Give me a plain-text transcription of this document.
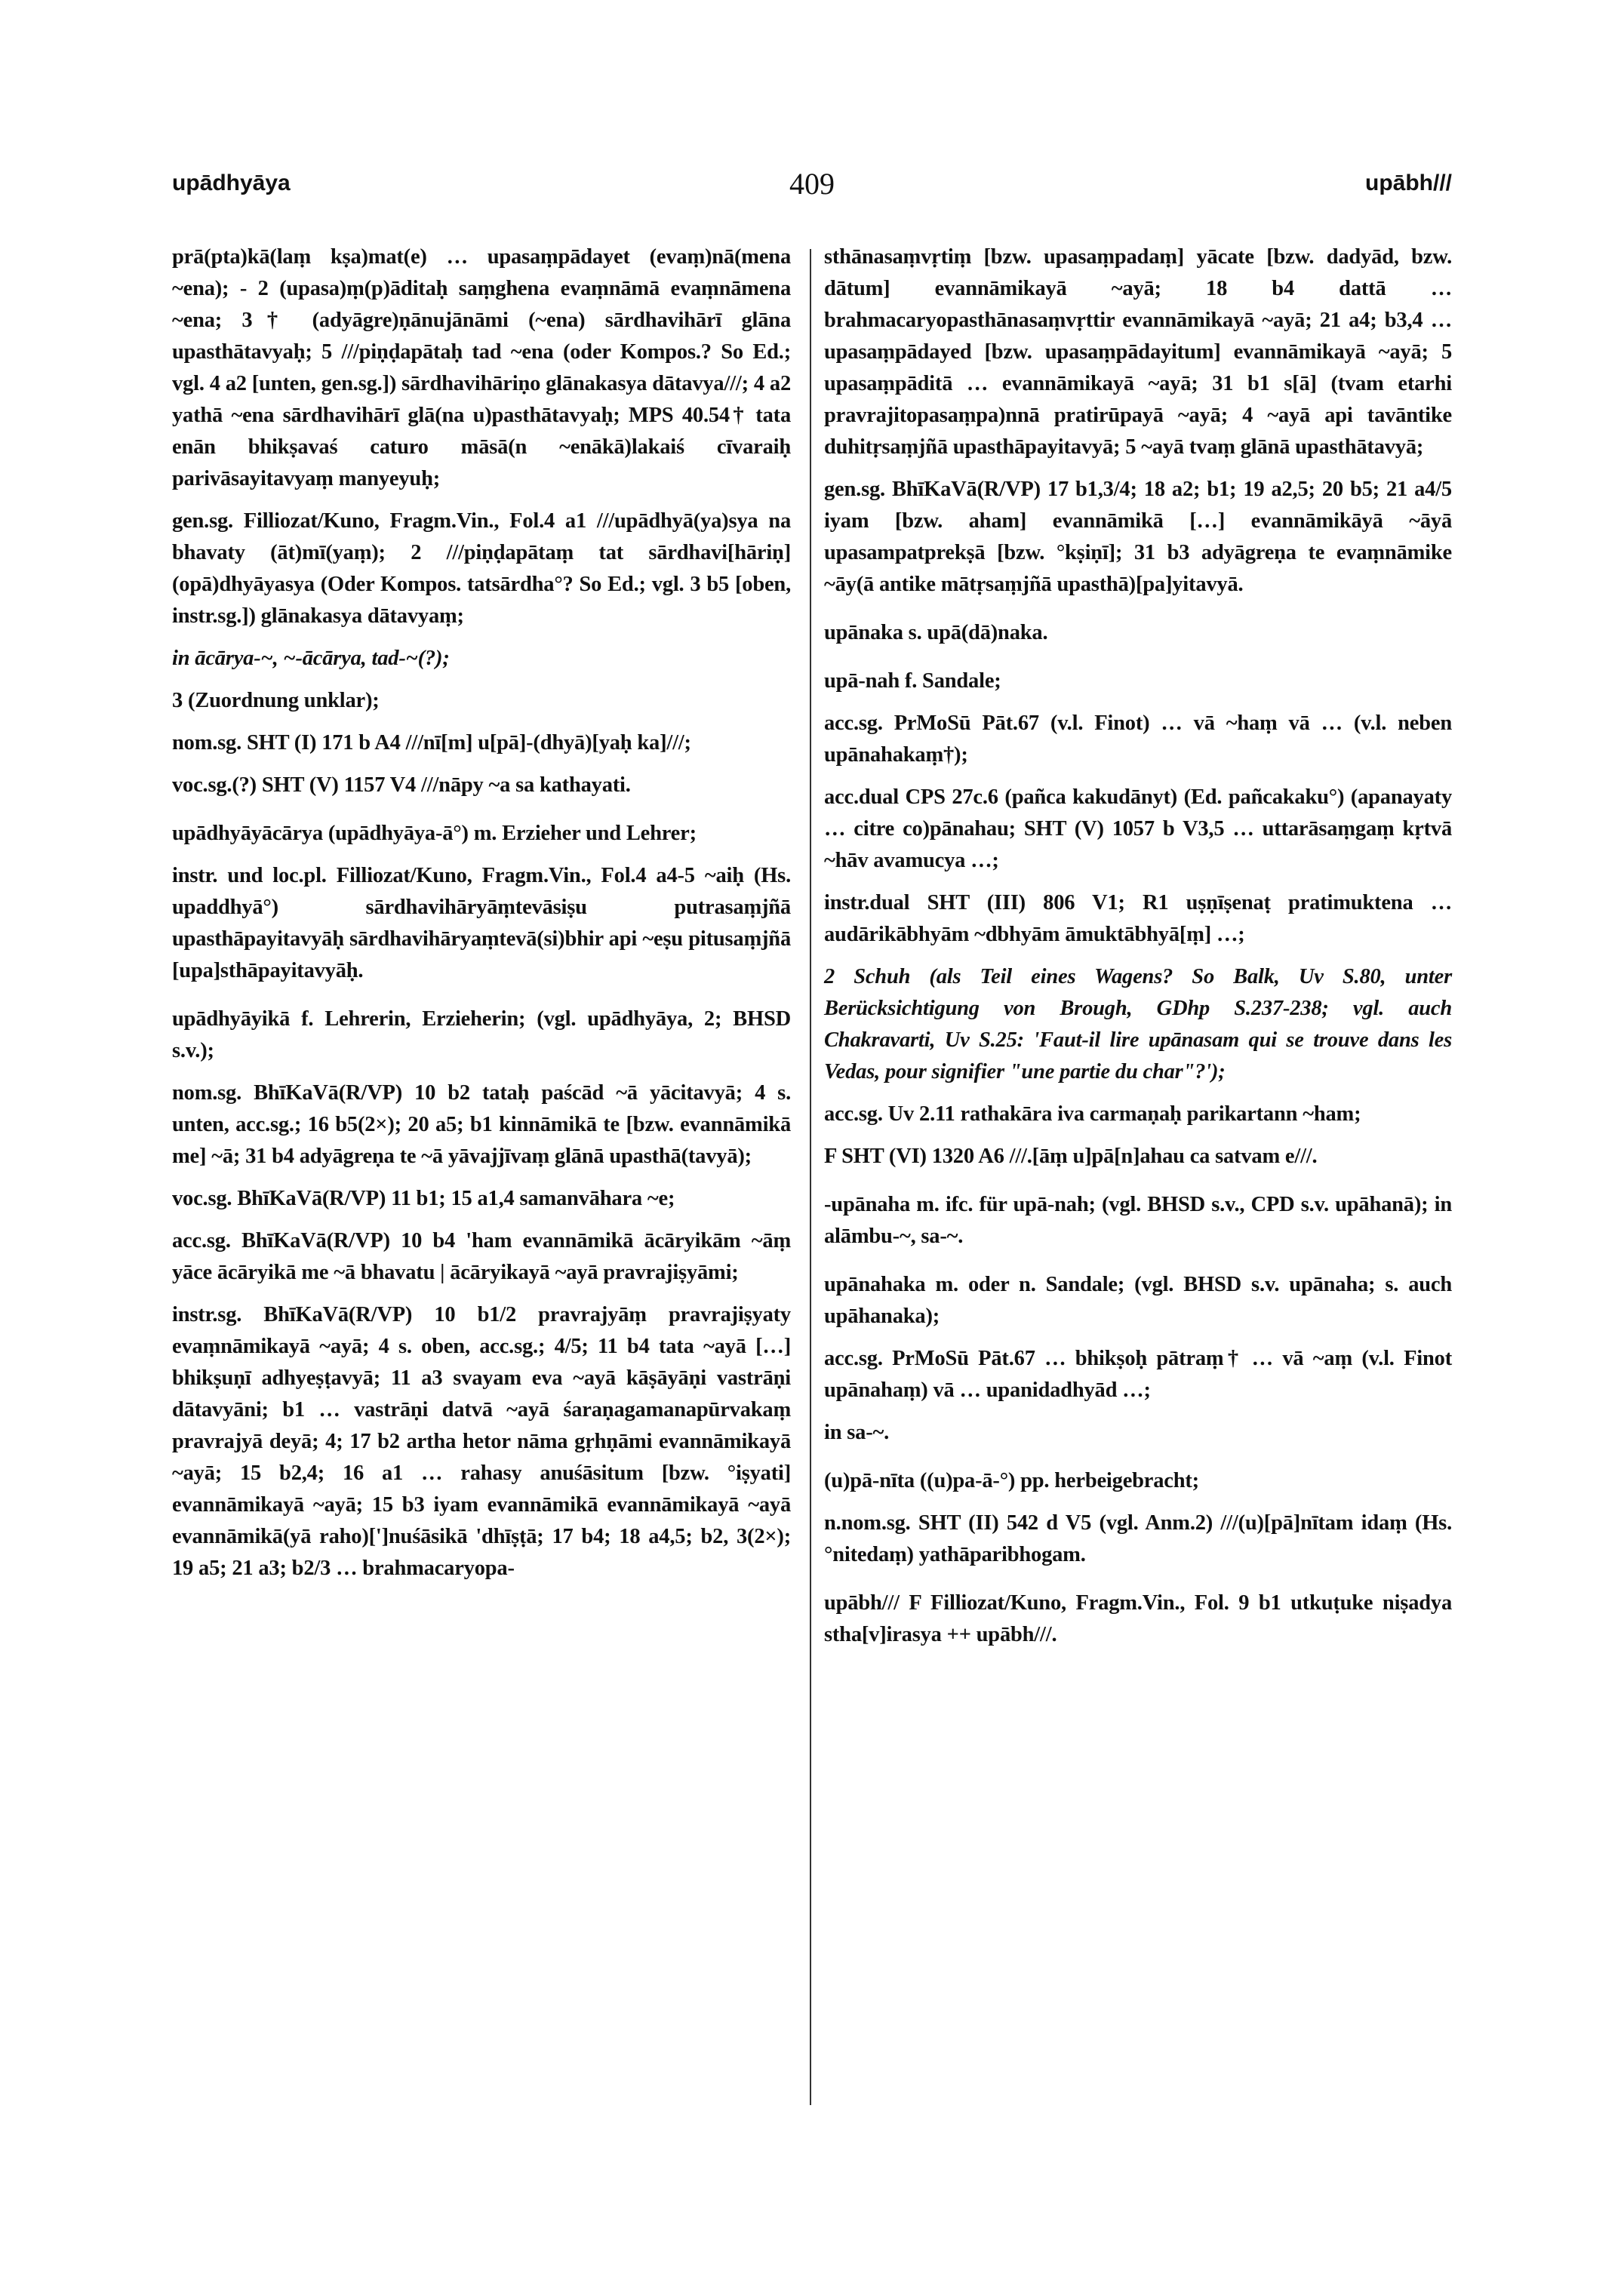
upādhyāya	409	upābh///

prā(pta)kā(laṃ kṣa)mat(e) … upasaṃpādayet (evaṃ)nā(mena ~ena); - 2 (upasa)ṃ(p)āditaḥ saṃghena evaṃnāmā evaṃnāmena ~ena; 3† (adyāgre)ṇānujānāmi (~ena) sārdhavihārī glāna upasthātavyaḥ; 5 ///piṇḍapātaḥ tad ~ena (oder Kompos.? So Ed.; vgl. 4 a2 [unten, gen.sg.]) sārdhavihāriṇo glānakasya dātavya///; 4 a2 yathā ~ena sārdhavihārī glā(na u)pasthātavyaḥ; MPS 40.54† tata enān bhikṣavaś caturo māsā(n ~enākā)lakaiś cīvaraiḥ parivāsayitavyaṃ manyeyuḥ;

gen.sg. Filliozat/Kuno, Fragm.Vin., Fol.4 a1 ///upādhyā(ya)sya na bhavaty (āt)mī(yaṃ); 2 ///piṇḍapātaṃ tat sārdhavi[hāriṇ](opā)dhyāyasya (Oder Kompos. tatsārdha°? So Ed.; vgl. 3 b5 [oben, instr.sg.]) glānakasya dātavyaṃ;

in ācārya-~, ~-ācārya, tad-~(?);

3 (Zuordnung unklar);

nom.sg. SHT (I) 171 b A4 ///nī[m] u[pā]-(dhyā)[yaḥ ka]///;

voc.sg.(?) SHT (V) 1157 V4 ///nāpy ~a sa kathayati.

upādhyāyācārya (upādhyāya-ā°) m. Erzieher und Lehrer;

instr. und loc.pl. Filliozat/Kuno, Fragm.Vin., Fol.4 a4-5 ~aiḥ (Hs. upaddhyā°) sārdhavihāryāṃtevāsiṣu putrasaṃjñā upasthāpayitavyāḥ sārdhavihāryaṃtevā(si)bhir api ~eṣu pitusaṃjñā [upa]sthāpayitavyāḥ.

upādhyāyikā f. Lehrerin, Erzieherin; (vgl. upādhyāya, 2; BHSD s.v.);

nom.sg. BhīKaVā(R/VP) 10 b2 tataḥ paścād ~ā yācitavyā; 4 s. unten, acc.sg.; 16 b5(2×); 20 a5; b1 kinnāmikā te [bzw. evannāmikā me] ~ā; 31 b4 adyāgreṇa te ~ā yāvajjīvaṃ glānā upasthā(tavyā);

voc.sg. BhīKaVā(R/VP) 11 b1; 15 a1,4 samanvāhara ~e;

acc.sg. BhīKaVā(R/VP) 10 b4 'ham evannāmikā ācāryikām ~āṃ yāce ācāryikā me ~ā bhavatu | ācāryikayā ~ayā pravrajiṣyāmi;

instr.sg. BhīKaVā(R/VP) 10 b1/2 pravrajyāṃ pravrajiṣyaty evaṃnāmikayā ~ayā; 4 s. oben, acc.sg.; 4/5; 11 b4 tata ~ayā […] bhikṣuṇī adhyeṣṭavyā; 11 a3 svayam eva ~ayā kāṣāyāṇi vastrāṇi dātavyāni; b1 … vastrāṇi datvā ~ayā śaraṇagamanapūrvakaṃ pravrajyā deyā; 4; 17 b2 artha hetor nāma gṛhṇāmi evannāmikayā ~ayā; 15 b2,4; 16 a1 … rahasy anuśāsitum [bzw. °iṣyati] evannāmikayā ~ayā; 15 b3 iyam evannāmikā evannāmikayā ~ayā evannāmikā(yā raho)[']nuśāsikā 'dhīṣṭā; 17 b4; 18 a4,5; b2, 3(2×); 19 a5; 21 a3; b2/3 … brahmacaryopa-

sthānasaṃvṛtiṃ [bzw. upasaṃpadaṃ] yācate [bzw. dadyād, bzw. dātum] evannāmikayā ~ayā; 18 b4 dattā … brahmacaryopasthānasaṃvṛttir evannāmikayā ~ayā; 21 a4; b3,4 … upasaṃpādayed [bzw. upasaṃpādayitum] evannāmikayā ~ayā; 5 upasaṃpāditā … evannāmikayā ~ayā; 31 b1 s[ā] (tvam etarhi pravrajitopasaṃpa)nnā pratirūpayā ~ayā; 4 ~ayā api tavāntike duhitṛsaṃjñā upasthāpayitavyā; 5 ~ayā tvaṃ glānā upasthātavyā;

gen.sg. BhīKaVā(R/VP) 17 b1,3/4; 18 a2; b1; 19 a2,5; 20 b5; 21 a4/5 iyam [bzw. aham] evannāmikā […] evannāmikāyā ~āyā upasampatprekṣā [bzw. °kṣiṇī]; 31 b3 adyāgreṇa te evaṃnāmike ~āy(ā antike mātṛsaṃjñā upasthā)[pa]yitavyā.

upānaka s. upā(dā)naka.

upā-nah f. Sandale;

acc.sg. PrMoSū Pāt.67 (v.l. Finot) … vā ~haṃ vā … (v.l. neben upānahakaṃ†);

acc.dual CPS 27c.6 (pañca kakudānyt) (Ed. pañcakaku°) (apanayaty … citre co)pānahau; SHT (V) 1057 b V3,5 … uttarāsaṃgaṃ kṛtvā ~hāv avamucya …;

instr.dual SHT (III) 806 V1; R1 uṣṇīṣenaṭ pratimuktena … audārikābhyām ~dbhyām āmuktābhyā[ṃ] …;

2 Schuh (als Teil eines Wagens? So Balk, Uv S.80, unter Berücksichtigung von Brough, GDhp S.237-238; vgl. auch Chakravarti, Uv S.25: 'Faut-il lire upānasam qui se trouve dans les Vedas, pour signifier "une partie du char"?');

acc.sg. Uv 2.11 rathakāra iva carmaṇaḥ parikartann ~ham;

F SHT (VI) 1320 A6 ///.[āṃ u]pā[n]ahau ca satvam e///.

-upānaha m. ifc. für upā-nah; (vgl. BHSD s.v., CPD s.v. upāhanā); in alāmbu-~, sa-~.

upānahaka m. oder n. Sandale; (vgl. BHSD s.v. upānaha; s. auch upāhanaka);

acc.sg. PrMoSū Pāt.67 … bhikṣoḥ pātraṃ† … vā ~aṃ (v.l. Finot upānahaṃ) vā … upanidadhyād …;

in sa-~.

(u)pā-nīta ((u)pa-ā-°) pp. herbeigebracht;

n.nom.sg. SHT (II) 542 d V5 (vgl. Anm.2) ///(u)[pā]nītam idaṃ (Hs. °nitedaṃ) yathāparibhogam.

upābh/// F Filliozat/Kuno, Fragm.Vin., Fol. 9 b1 utkuṭuke niṣadya stha[v]irasya ++ upābh///.
